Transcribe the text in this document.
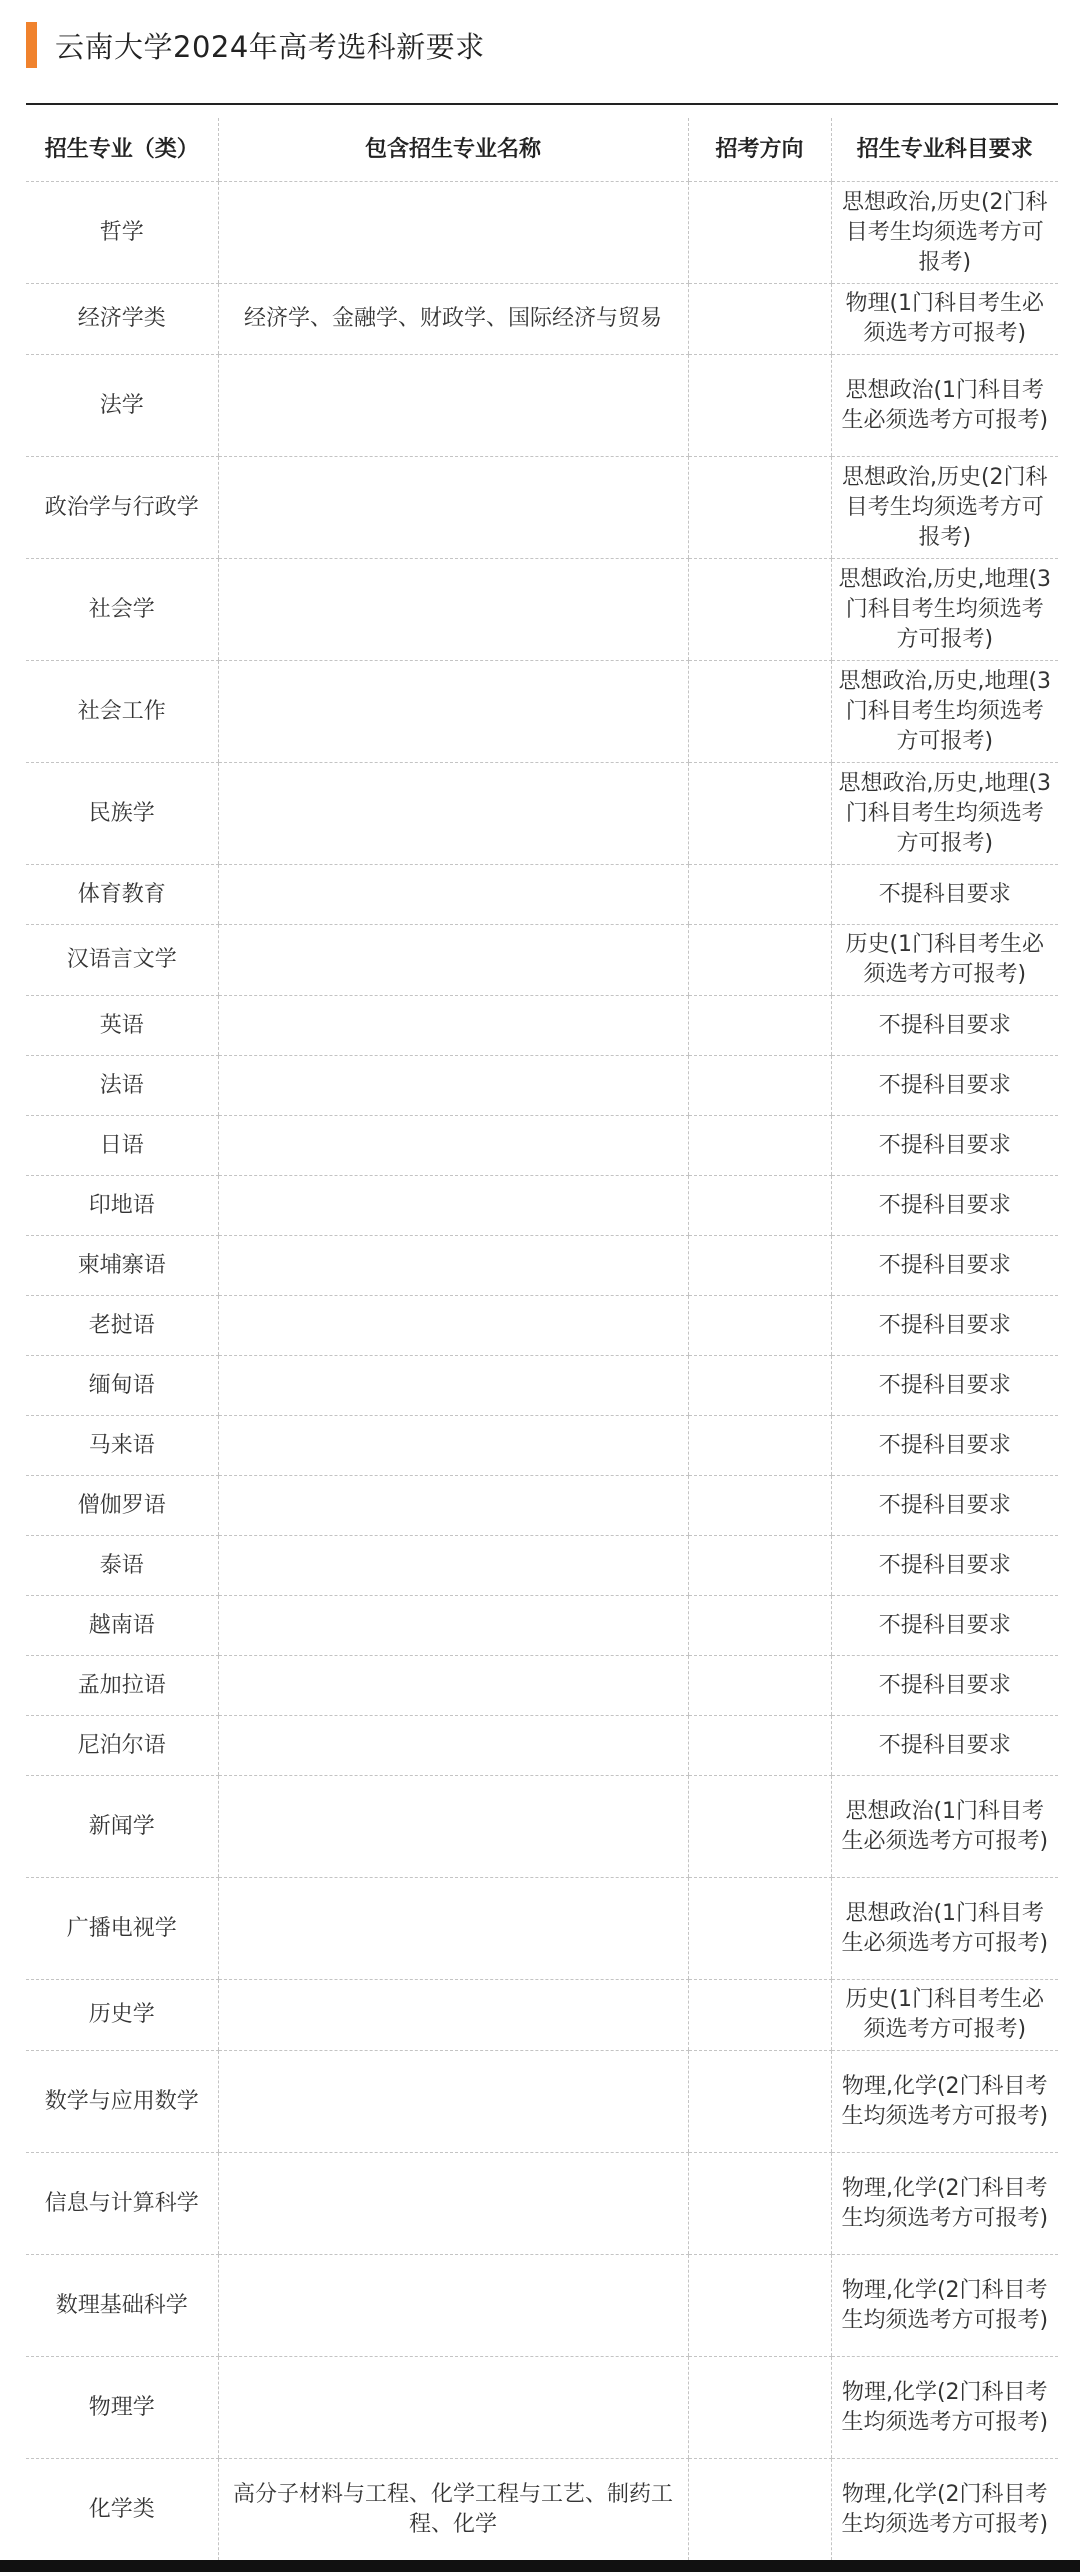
云南大学2024年高考选科新要求
招生专业（类）	包含招生专业名称	招考方向	招生专业科目要求
哲学			思想政治,历史(2门科目考生均须选考方可报考)
经济学类	经济学、金融学、财政学、国际经济与贸易		物理(1门科目考生必须选考方可报考)
法学			思想政治(1门科目考生必须选考方可报考)
政治学与行政学			思想政治,历史(2门科目考生均须选考方可报考)
社会学			思想政治,历史,地理(3门科目考生均须选考方可报考)
社会工作			思想政治,历史,地理(3门科目考生均须选考方可报考)
民族学			思想政治,历史,地理(3门科目考生均须选考方可报考)
体育教育			不提科目要求
汉语言文学			历史(1门科目考生必须选考方可报考)
英语			不提科目要求
法语			不提科目要求
日语			不提科目要求
印地语			不提科目要求
柬埔寨语			不提科目要求
老挝语			不提科目要求
缅甸语			不提科目要求
马来语			不提科目要求
僧伽罗语			不提科目要求
泰语			不提科目要求
越南语			不提科目要求
孟加拉语			不提科目要求
尼泊尔语			不提科目要求
新闻学			思想政治(1门科目考生必须选考方可报考)
广播电视学			思想政治(1门科目考生必须选考方可报考)
历史学			历史(1门科目考生必须选考方可报考)
数学与应用数学			物理,化学(2门科目考生均须选考方可报考)
信息与计算科学			物理,化学(2门科目考生均须选考方可报考)
数理基础科学			物理,化学(2门科目考生均须选考方可报考)
物理学			物理,化学(2门科目考生均须选考方可报考)
化学类	高分子材料与工程、化学工程与工艺、制药工程、化学		物理,化学(2门科目考生均须选考方可报考)
